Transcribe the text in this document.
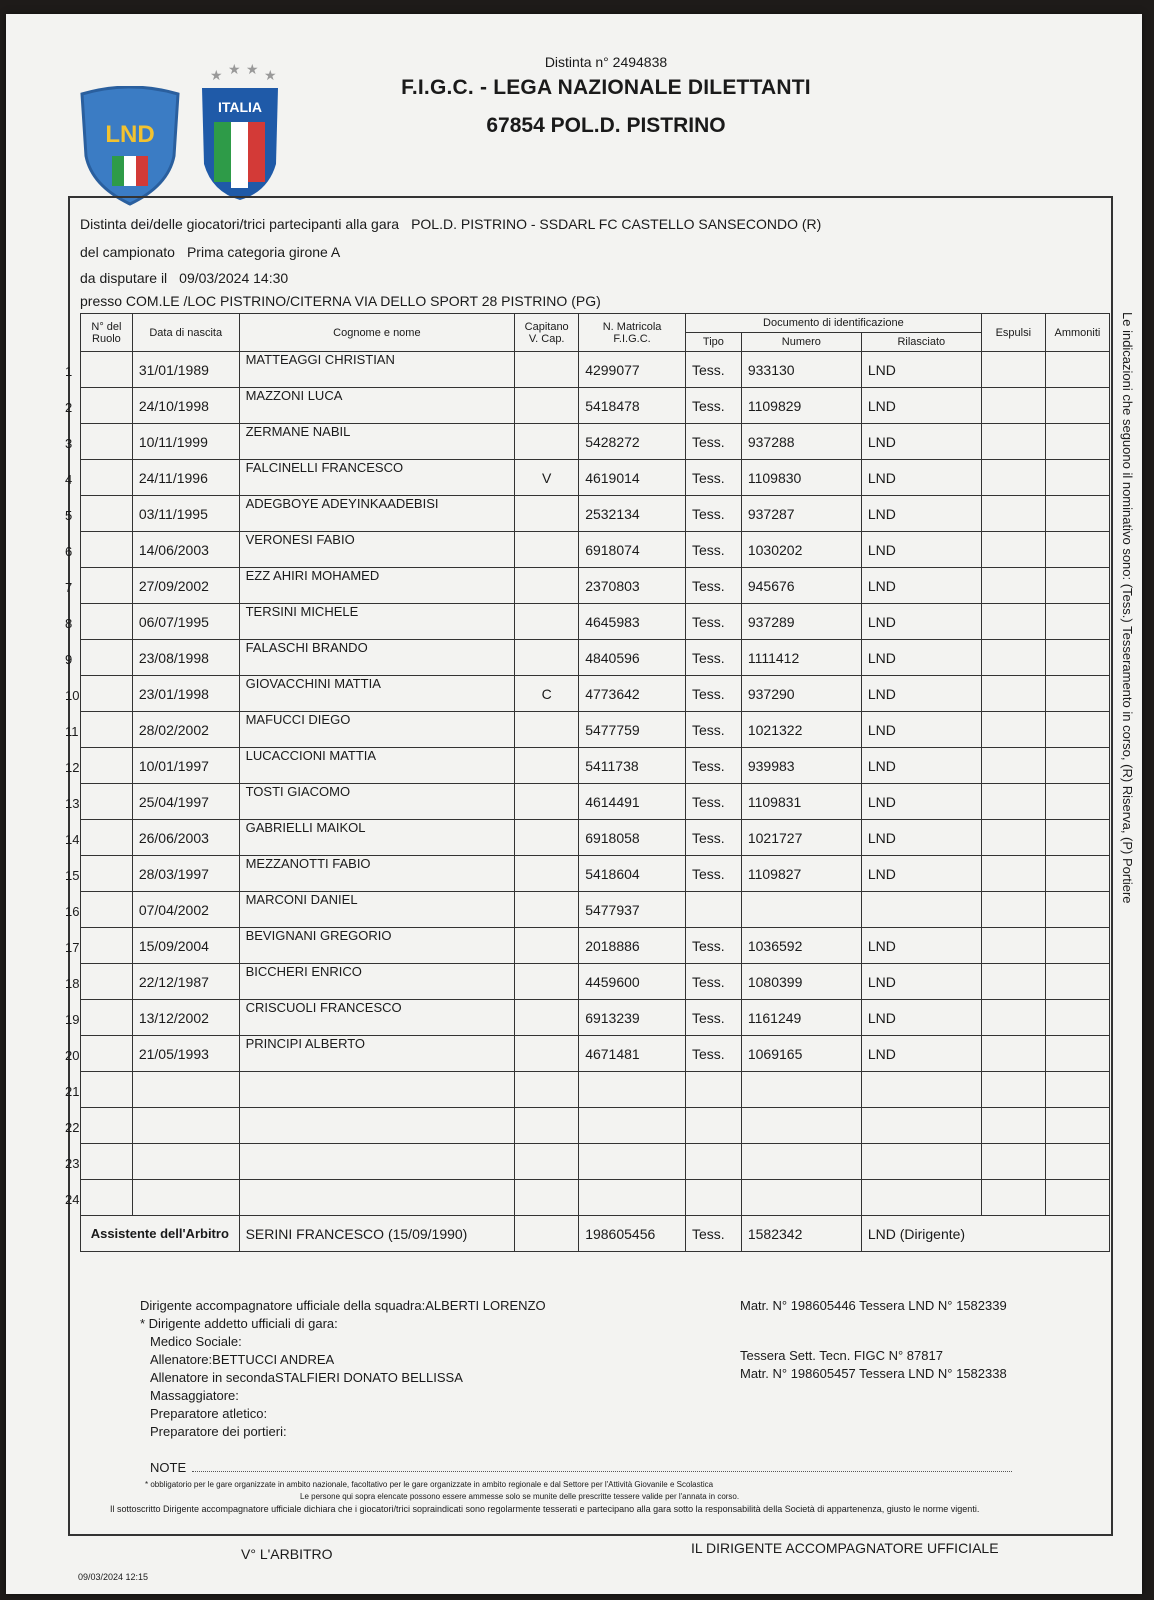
LND
★ ★ ★ ★
ITALIA
Distinta n° 2494838
F.I.G.C. - LEGA NAZIONALE DILETTANTI
67854 POL.D. PISTRINO
Distinta dei/delle giocatori/trici partecipanti alla gara POL.D. PISTRINO - SSDARL FC CASTELLO SANSECONDO (R)
del campionato Prima categoria girone A
da disputare il 09/03/2024 14:30
presso COM.LE /LOC PISTRINO/CITERNA VIA DELLO SPORT 28 PISTRINO (PG)
N° del Ruolo	Data di nascita	Cognome e nome	Capitano V. Cap.	N. Matricola F.I.G.C.	Documento di identificazione			Espulsi	Ammoniti
					Tipo	Numero	Rilasciato		

1	31/01/1989	MATTEAGGI CHRISTIAN		4299077	Tess.	933130	LND		

2	24/10/1998	MAZZONI LUCA		5418478	Tess.	1109829	LND		

3	10/11/1999	ZERMANE NABIL		5428272	Tess.	937288	LND		

4	24/11/1996	FALCINELLI FRANCESCO	V	4619014	Tess.	1109830	LND		

5	03/11/1995	ADEGBOYE ADEYINKAADEBISI		2532134	Tess.	937287	LND		

6	14/06/2003	VERONESI FABIO		6918074	Tess.	1030202	LND		

7	27/09/2002	EZZ AHIRI MOHAMED		2370803	Tess.	945676	LND		

8	06/07/1995	TERSINI MICHELE		4645983	Tess.	937289	LND		

9	23/08/1998	FALASCHI BRANDO		4840596	Tess.	1111412	LND		

10	23/01/1998	GIOVACCHINI MATTIA	C	4773642	Tess.	937290	LND		

11	28/02/2002	MAFUCCI DIEGO		5477759	Tess.	1021322	LND		

12	10/01/1997	LUCACCIONI MATTIA		5411738	Tess.	939983	LND		

13	25/04/1997	TOSTI GIACOMO		4614491	Tess.	1109831	LND		

14	26/06/2003	GABRIELLI MAIKOL		6918058	Tess.	1021727	LND		

15	28/03/1997	MEZZANOTTI FABIO		5418604	Tess.	1109827	LND		

16	07/04/2002	MARCONI DANIEL		5477937					

17	15/09/2004	BEVIGNANI GREGORIO		2018886	Tess.	1036592	LND		

18	22/12/1987	BICCHERI ENRICO		4459600	Tess.	1080399	LND		

19	13/12/2002	CRISCUOLI FRANCESCO		6913239	Tess.	1161249	LND		

20	21/05/1993	PRINCIPI ALBERTO		4671481	Tess.	1069165	LND		

21									

22									

23									

24									

Assistente dell'Arbitro		SERINI FRANCESCO (15/09/1990)		198605456	Tess.	1582342	LND (Dirigente)		
Dirigente accompagnatore ufficiale della squadra:ALBERTI LORENZO	Matr. N° 198605446 Tessera LND N° 1582339
* Dirigente addetto ufficiali di gara:
Medico Sociale:
Allenatore:BETTUCCI ANDREA	Tessera Sett. Tecn. FIGC N° 87817
Allenatore in secondaSTALFIERI DONATO BELLISSA	Matr. N° 198605457 Tessera LND N° 1582338
Massaggiatore:
Preparatore atletico:
Preparatore dei portieri:
NOTE
* obbligatorio per le gare organizzate in ambito nazionale, facoltativo per le gare organizzate in ambito regionale e dal Settore per l'Attività Giovanile e Scolastica
Le persone qui sopra elencate possono essere ammesse solo se munite delle prescritte tessere valide per l'annata in corso.
Il sottoscritto Dirigente accompagnatore ufficiale dichiara che i giocatori/trici sopraindicati sono regolarmente tesserati e partecipano alla gara sotto la responsabilità della Società di appartenenza, giusto le norme vigenti.
V° L'ARBITRO	IL DIRIGENTE ACCOMPAGNATORE UFFICIALE
09/03/2024 12:15
Le indicazioni che seguono il nominativo sono: (Tess.) Tesseramento in corso, (R) Riserva, (P) Portiere
